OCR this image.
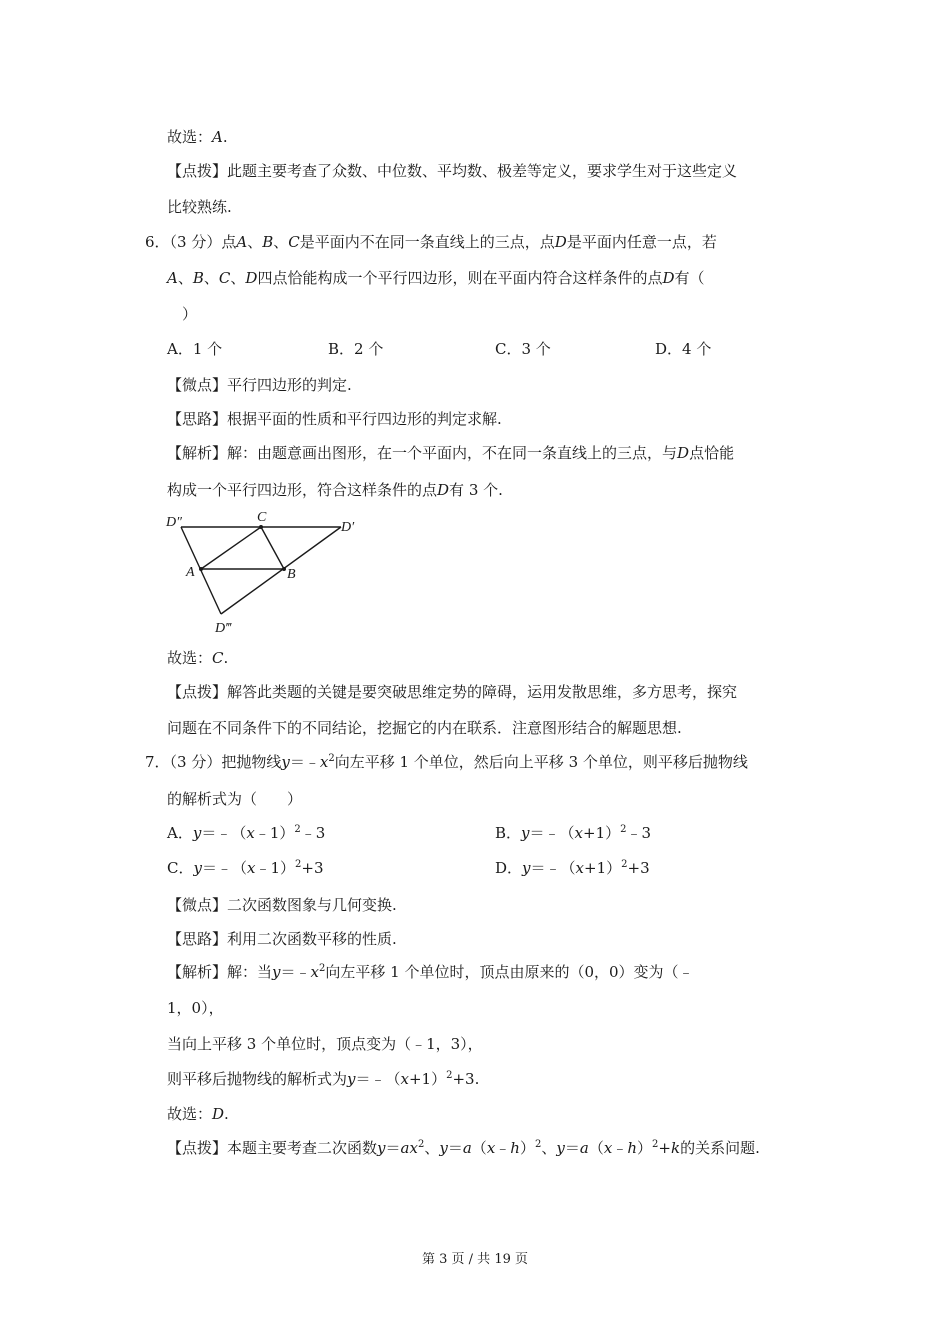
故选：A.
【点拨】此题主要考查了众数、中位数、平均数、极差等定义，要求学生对于这些定义
比较熟练.
6．（3 分）点A、B、C是平面内不在同一条直线上的三点，点D是平面内任意一点，若
A、B、C、D四点恰能构成一个平行四边形，则在平面内符合这样条件的点D有（
）
A．1 个	B．2 个	C．3 个	D．4 个
【微点】平行四边形的判定.
【思路】根据平面的性质和平行四边形的判定求解.
【解析】解：由题意画出图形，在一个平面内，不在同一条直线上的三点，与D点恰能
构成一个平行四边形，符合这样条件的点D有 3 个.
D″	C
D′
A	B
D‴
故选：C.
【点拨】解答此类题的关键是要突破思维定势的障碍，运用发散思维，多方思考，探究
问题在不同条件下的不同结论，挖掘它的内在联系．注意图形结合的解题思想.
7．（3 分）把抛物线$y=﹣x^2$向左平移 1 个单位，然后向上平移 3 个单位，则平移后抛物线
的解析式为（　　）
A．y＝﹣（x﹣1）$^2$﹣3	B．$y=﹣(x+1)^2﹣3$
C．y＝﹣（x﹣1）$^2$+3	D．$y=﹣(x+1)^2+3$
【微点】二次函数图象与几何变换.
【思路】利用二次函数平移的性质.
【解析】解：当$y=﹣x^2$向左平移 1 个单位时，顶点由原来的（0，0）变为（﹣
1，0），
当向上平移 3 个单位时，顶点变为（﹣1，3），
则平移后抛物线的解析式为$y=﹣(x+1)^2+3$.
故选：D.
【点拨】本题主要考查二次函数$y=ax^2$、y＝a（x﹣h）$^2$、y＝a（x﹣h）$^2$+k的关系问题.
第 3 页 / 共 19 页
